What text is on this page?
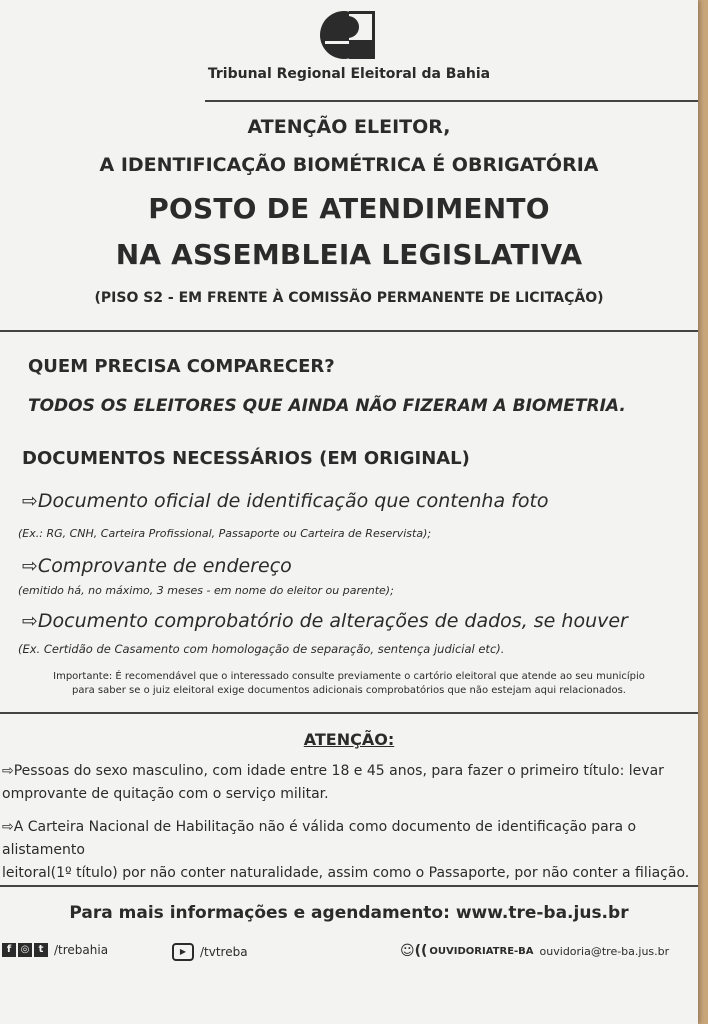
Tribunal Regional Eleitoral da Bahia
ATENÇÃO ELEITOR,
A IDENTIFICAÇÃO BIOMÉTRICA É OBRIGATÓRIA
POSTO DE ATENDIMENTO
NA ASSEMBLEIA LEGISLATIVA
(PISO S2 - EM FRENTE À COMISSÃO PERMANENTE DE LICITAÇÃO)
QUEM PRECISA COMPARECER?
TODOS OS ELEITORES QUE AINDA NÃO FIZERAM A BIOMETRIA.
DOCUMENTOS NECESSÁRIOS (EM ORIGINAL)
⇨Documento oficial de identificação que contenha foto
(Ex.: RG, CNH, Carteira Profissional, Passaporte ou Carteira de Reservista);
⇨Comprovante de endereço
(emitido há, no máximo, 3 meses - em nome do eleitor ou parente);
⇨Documento comprobatório de alterações de dados, se houver
(Ex. Certidão de Casamento com homologação de separação, sentença judicial etc).
Importante: É recomendável que o interessado consulte previamente o cartório eleitoral que atende ao seu município
para saber se o juiz eleitoral exige documentos adicionais comprobatórios que não estejam aqui relacionados.
ATENÇÃO:
⇨Pessoas do sexo masculino, com idade entre 18 e 45 anos, para fazer o primeiro título: levar
omprovante de quitação com o serviço militar.
⇨A Carteira Nacional de Habilitação não é válida como documento de identificação para o alistamento
leitoral(1º título) por não conter naturalidade, assim como o Passaporte, por não conter a filiação.
Para mais informações e agendamento: www.tre-ba.jus.br
f ◎ t /trebahia	▶	/tvtreba	☺(( OUVIDORIATRE-BA ouvidoria@tre-ba.jus.br
